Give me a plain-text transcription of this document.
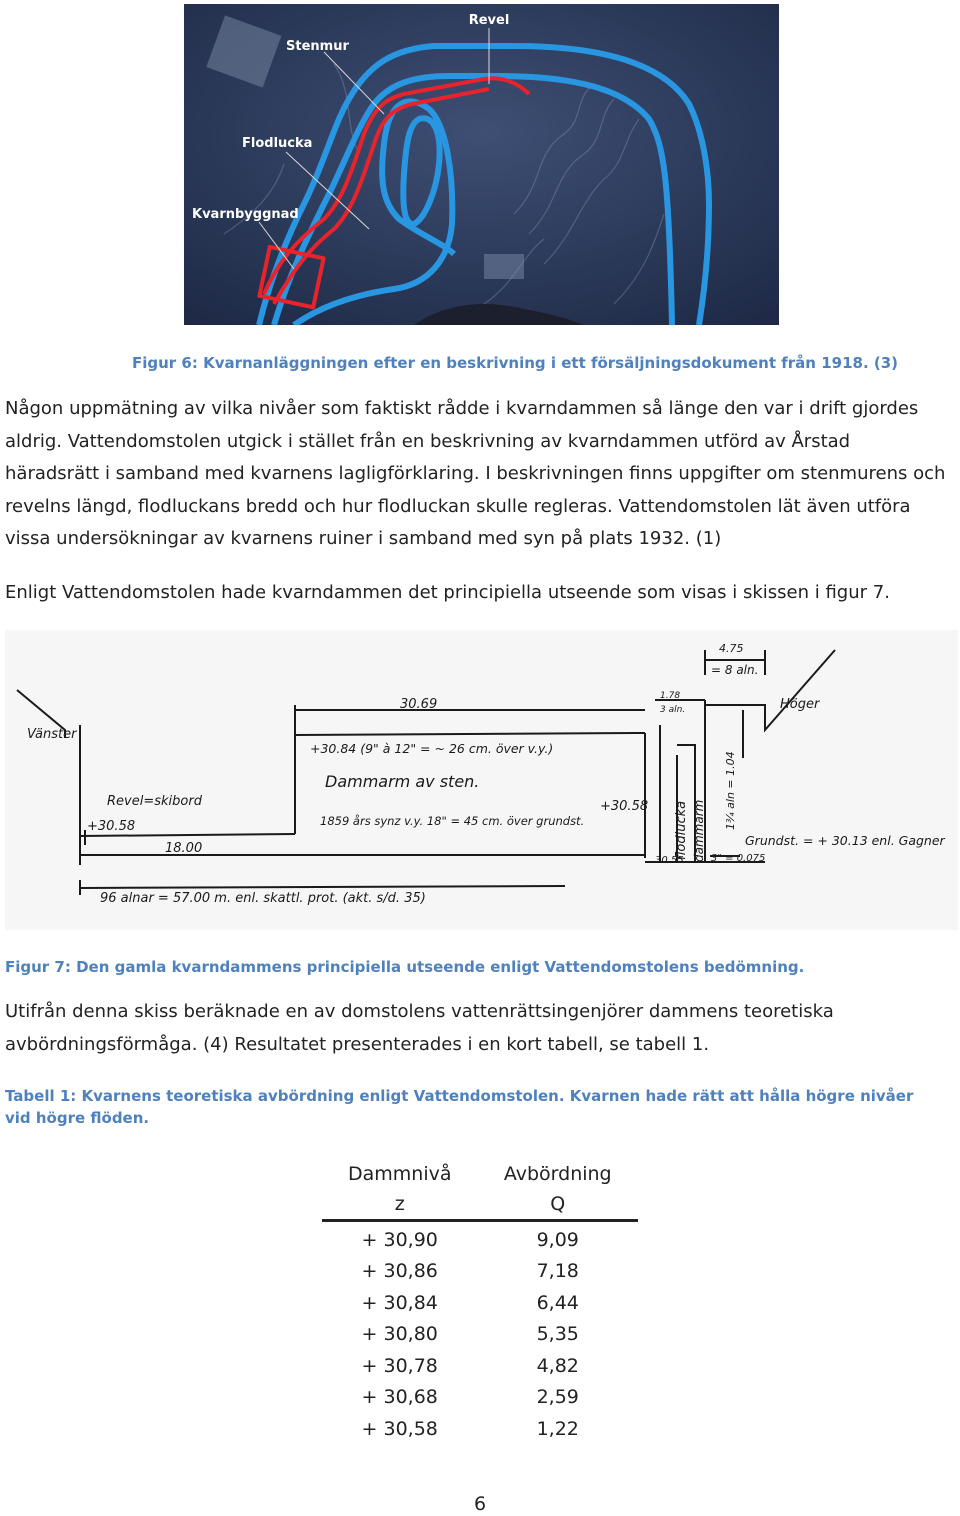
Revel
Stenmur
Flodlucka
Kvarnbyggnad
Figur 6: Kvarnanläggningen efter en beskrivning i ett försäljningsdokument från 1918. (3)
Någon uppmätning av vilka nivåer som faktiskt rådde i kvarndammen så länge den var i drift gjordes aldrig. Vattendomstolen utgick i stället från en beskrivning av kvarndammen utförd av Årstad häradsrätt i samband med kvarnens lagligförklaring. I beskrivningen finns uppgifter om stenmurens och revelns längd, flodluckans bredd och hur flodluckan skulle regleras. Vattendomstolen lät även utföra vissa undersökningar av kvarnens ruiner i samband med syn på plats 1932. (1)
Enligt Vattendomstolen hade kvarndammen det principiella utseende som visas i skissen i figur 7.
Vänster
Höger
Revel=skibord
+30.58
18.00
30.69
+30.84 (9" à 12" = ~ 26 cm. över v.y.)
Dammarm av sten.
1859 års synz v.y. 18" = 45 cm. över grundst.
+30.58 flodlucka dammarm
4.75
= 8 aln.
1.78
3 aln.
1¾ aln = 1.04
Grundst. = + 30.13 enl. Gagner
30.55	3" = 0.075
96 alnar = 57.00 m. enl. skattl. prot. (akt. s/d. 35)
Figur 7: Den gamla kvarndammens principiella utseende enligt Vattendomstolens bedömning.
Utifrån denna skiss beräknade en av domstolens vattenrättsingenjörer dammens teoretiska avbördningsförmåga. (4) Resultatet presenterades i en kort tabell, se tabell 1.
Tabell 1: Kvarnens teoretiska avbördning enligt Vattendomstolen. Kvarnen hade rätt att hålla högre nivåer vid högre flöden.
Dammnivå	Avbördning
z	Q

+ 30,90	9,09
+ 30,86	7,18
+ 30,84	6,44
+ 30,80	5,35
+ 30,78	4,82
+ 30,68	2,59
+ 30,58	1,22
6
